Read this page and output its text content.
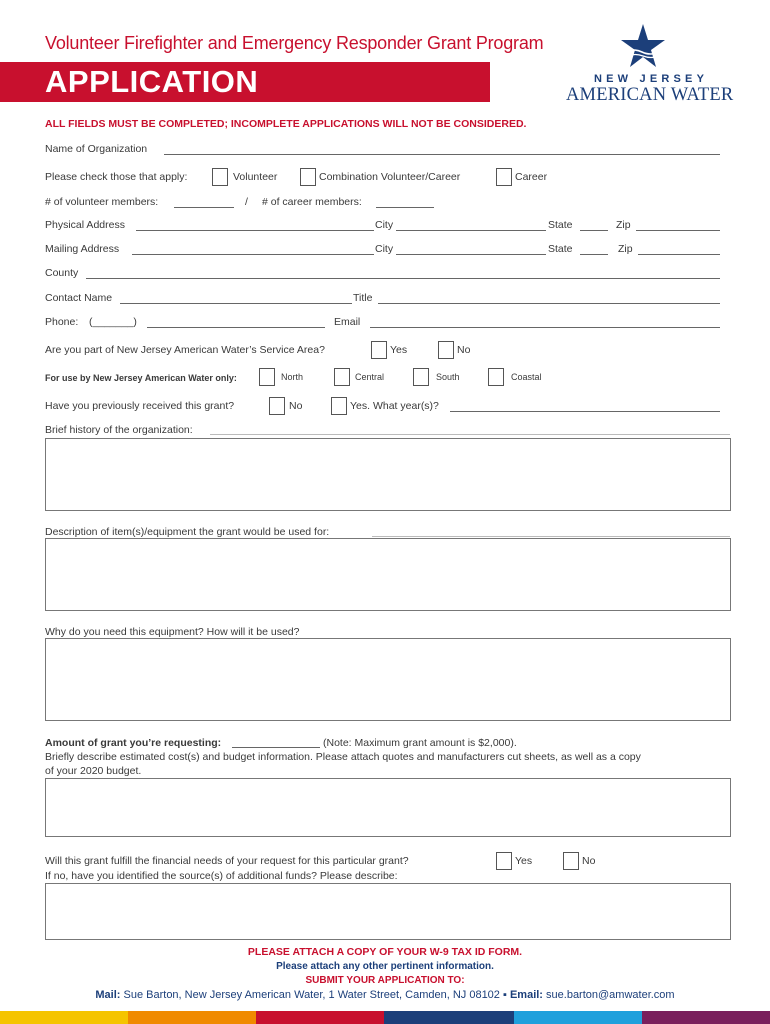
Volunteer Firefighter and Emergency Responder Grant Program
APPLICATION	NEW JERSEY
AMERICAN WATER
ALL FIELDS MUST BE COMPLETED; INCOMPLETE APPLICATIONS WILL NOT BE CONSIDERED.
Name of Organization
Please check those that apply:	Volunteer	Combination Volunteer/Career	Career
# of volunteer members:	/ # of career members:
Physical Address	City	State	Zip
Mailing Address	City	State	Zip
County
Contact Name	Title
Phone: (_______)	Email
Are you part of New Jersey American Water’s Service Area?	Yes	No
For use by New Jersey American Water only:	North	Central	South	Coastal
Have you previously received this grant?	No	Yes. What year(s)?
Brief history of the organization:
Description of item(s)/equipment the grant would be used for:
Why do you need this equipment? How will it be used?
Amount of grant you’re requesting:	(Note: Maximum grant amount is $2,000).
Briefly describe estimated cost(s) and budget information. Please attach quotes and manufacturers cut sheets, as well as a copy
of your 2020 budget.
Will this grant fulfill the financial needs of your request for this particular grant?	Yes	No
If no, have you identified the source(s) of additional funds? Please describe:
PLEASE ATTACH A COPY OF YOUR W-9 TAX ID FORM.
Please attach any other pertinent information.
SUBMIT YOUR APPLICATION TO:
Mail: Sue Barton, New Jersey American Water, 1 Water Street, Camden, NJ 08102 ▪ Email: sue.barton@amwater.com
